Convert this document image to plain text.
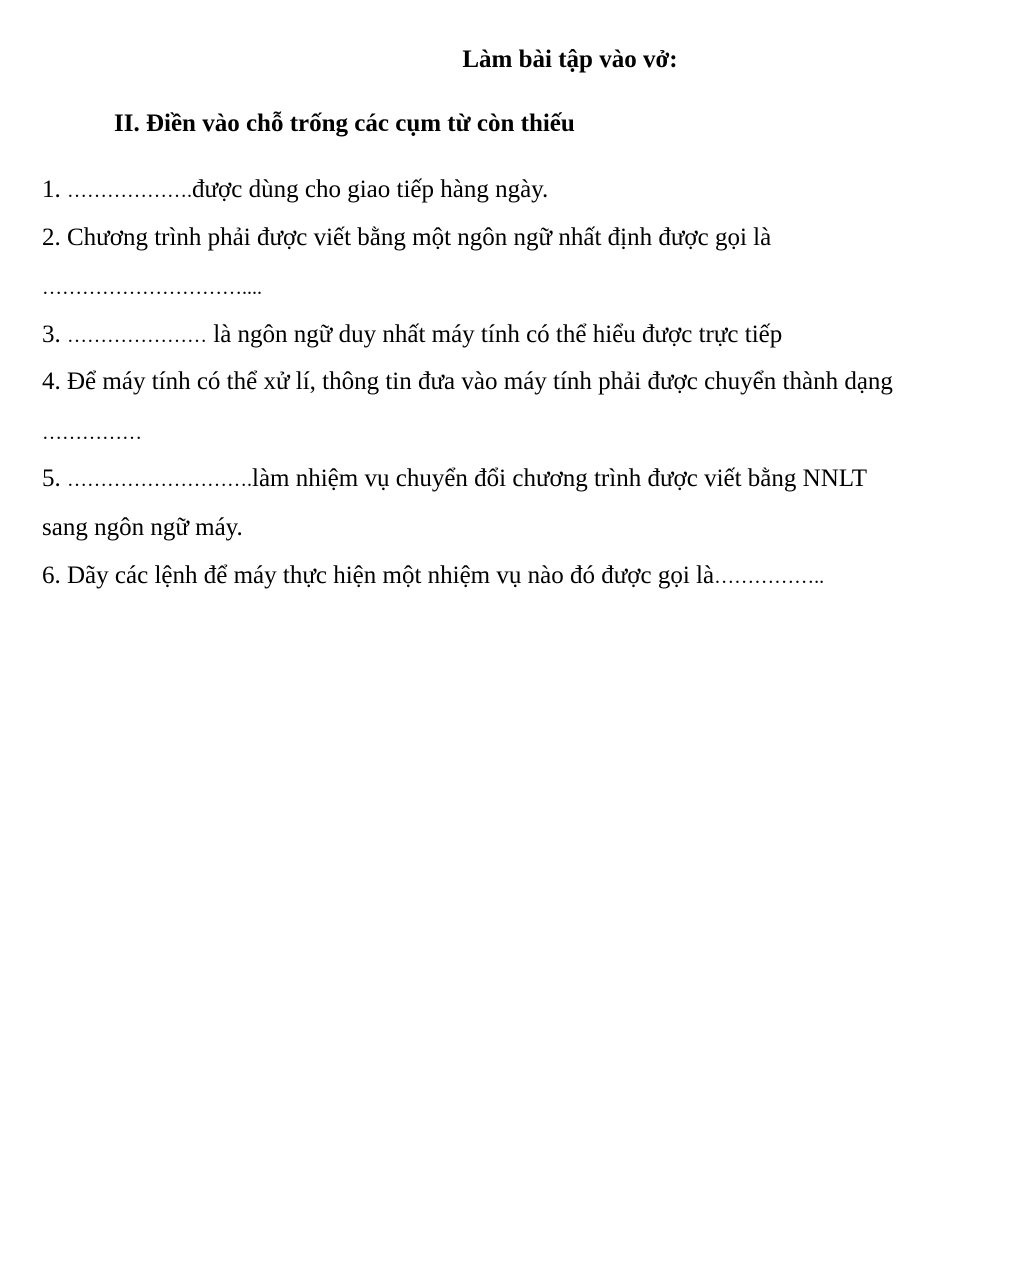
Làm bài tập vào vở:
II. Điền vào chỗ trống các cụm từ còn thiếu
1. ……………….được dùng cho giao tiếp hàng ngày.
2. Chương trình phải được viết bằng một ngôn ngữ nhất định được gọi là
…………………………....
3. ………………… là ngôn ngữ duy nhất máy tính có thể hiểu được trực tiếp
4. Để máy tính có thể xử lí, thông tin đưa vào máy tính phải được chuyển thành dạng
……………
5. ……………………….làm nhiệm vụ chuyển đổi chương trình được viết bằng NNLT
sang ngôn ngữ máy.
6. Dãy các lệnh để máy thực hiện một nhiệm vụ nào đó được gọi là……………..
